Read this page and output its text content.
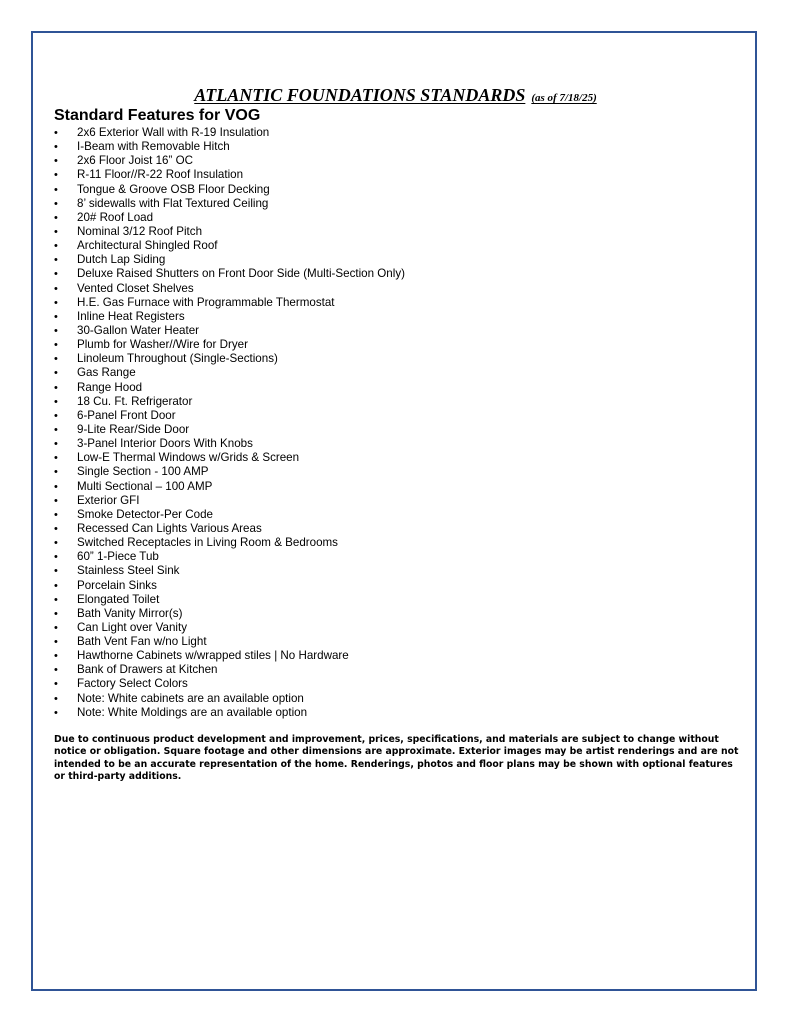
ATLANTIC FOUNDATIONS STANDARDS (as of 7/18/25)
Standard Features for VOG
• 2x6 Exterior Wall with R-19 Insulation
• I-Beam with Removable Hitch
• 2x6 Floor Joist 16” OC
• R-11 Floor//R-22 Roof Insulation
• Tongue & Groove OSB Floor Decking
• 8’ sidewalls with Flat Textured Ceiling
• 20# Roof Load
• Nominal 3/12 Roof Pitch
• Architectural Shingled Roof
• Dutch Lap Siding
• Deluxe Raised Shutters on Front Door Side (Multi-Section Only)
• Vented Closet Shelves
• H.E. Gas Furnace with Programmable Thermostat
• Inline Heat Registers
• 30-Gallon Water Heater
• Plumb for Washer//Wire for Dryer
• Linoleum Throughout (Single-Sections)
• Gas Range
• Range Hood
• 18 Cu. Ft. Refrigerator
• 6-Panel Front Door
• 9-Lite Rear/Side Door
• 3-Panel Interior Doors With Knobs
• Low-E Thermal Windows w/Grids & Screen
• Single Section - 100 AMP
• Multi Sectional – 100 AMP
• Exterior GFI
• Smoke Detector-Per Code
• Recessed Can Lights Various Areas
• Switched Receptacles in Living Room & Bedrooms
• 60” 1-Piece Tub
• Stainless Steel Sink
• Porcelain Sinks
• Elongated Toilet
• Bath Vanity Mirror(s)
• Can Light over Vanity
• Bath Vent Fan w/no Light
• Hawthorne Cabinets w/wrapped stiles | No Hardware
• Bank of Drawers at Kitchen
• Factory Select Colors
• Note: White cabinets are an available option
• Note: White Moldings are an available option

Due to continuous product development and improvement, prices, specifications, and materials are subject to change without notice or obligation. Square footage and other dimensions are approximate. Exterior images may be artist renderings and are not intended to be an accurate representation of the home. Renderings, photos and floor plans may be shown with optional features or third-party additions.
